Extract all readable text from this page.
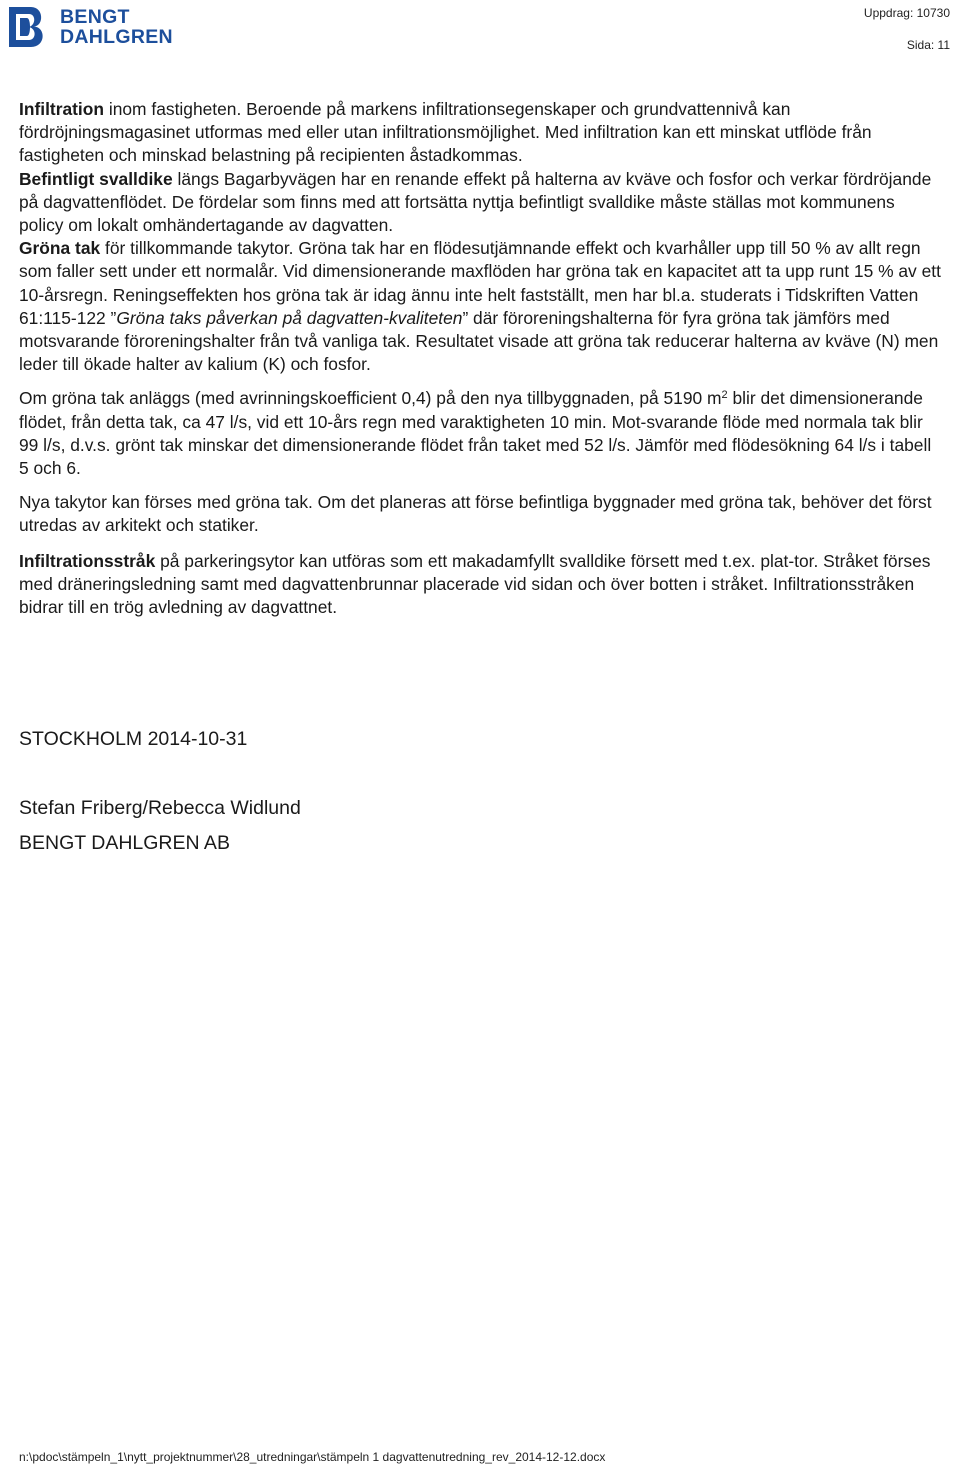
BENGT
DAHLGREN
Uppdrag: 10730
Sida: 11

Infiltration inom fastigheten. Beroende på markens infiltrationsegenskaper och grundvattennivå kan fördröjningsmagasinet utformas med eller utan infiltrationsmöjlighet. Med infiltration kan ett minskat utflöde från fastigheten och minskad belastning på recipienten åstadkommas.

Befintligt svalldike längs Bagarbyvägen har en renande effekt på halterna av kväve och fosfor och verkar fördröjande på dagvattenflödet. De fördelar som finns med att fortsätta nyttja befintligt svalldike måste ställas mot kommunens policy om lokalt omhändertagande av dagvatten.

Gröna tak för tillkommande takytor. Gröna tak har en flödesutjämnande effekt och kvarhåller upp till 50 % av allt regn som faller sett under ett normalår. Vid dimensionerande maxflöden har gröna tak en kapacitet att ta upp runt 15 % av ett 10-årsregn. Reningseffekten hos gröna tak är idag ännu inte helt fastställt, men har bl.a. studerats i Tidskriften Vatten 61:115-122 ”Gröna taks påverkan på dagvatten-kvaliteten” där föroreningshalterna för fyra gröna tak jämförs med motsvarande föroreningshalter från två vanliga tak. Resultatet visade att gröna tak reducerar halterna av kväve (N) men leder till ökade halter av kalium (K) och fosfor.

Om gröna tak anläggs (med avrinningskoefficient 0,4) på den nya tillbyggnaden, på 5190 $m^2$ blir det dimensionerande flödet, från detta tak, ca 47 l/s, vid ett 10-års regn med varaktigheten 10 min. Mot-svarande flöde med normala tak blir 99 l/s, d.v.s. grönt tak minskar det dimensionerande flödet från taket med 52 l/s. Jämför med flödesökning 64 l/s i tabell 5 och 6.

Nya takytor kan förses med gröna tak. Om det planeras att förse befintliga byggnader med gröna tak, behöver det först utredas av arkitekt och statiker.

Infiltrationsstråk på parkeringsytor kan utföras som ett makadamfyllt svalldike försett med t.ex. plat-tor. Stråket förses med dräneringsledning samt med dagvattenbrunnar placerade vid sidan och över botten i stråket. Infiltrationsstråken bidrar till en trög avledning av dagvattnet.

STOCKHOLM 2014-10-31
Stefan Friberg/Rebecca Widlund
BENGT DAHLGREN AB
n:\pdoc\stämpeln_1\nytt_projektnummer\28_utredningar\stämpeln 1 dagvattenutredning_rev_2014-12-12.docx
